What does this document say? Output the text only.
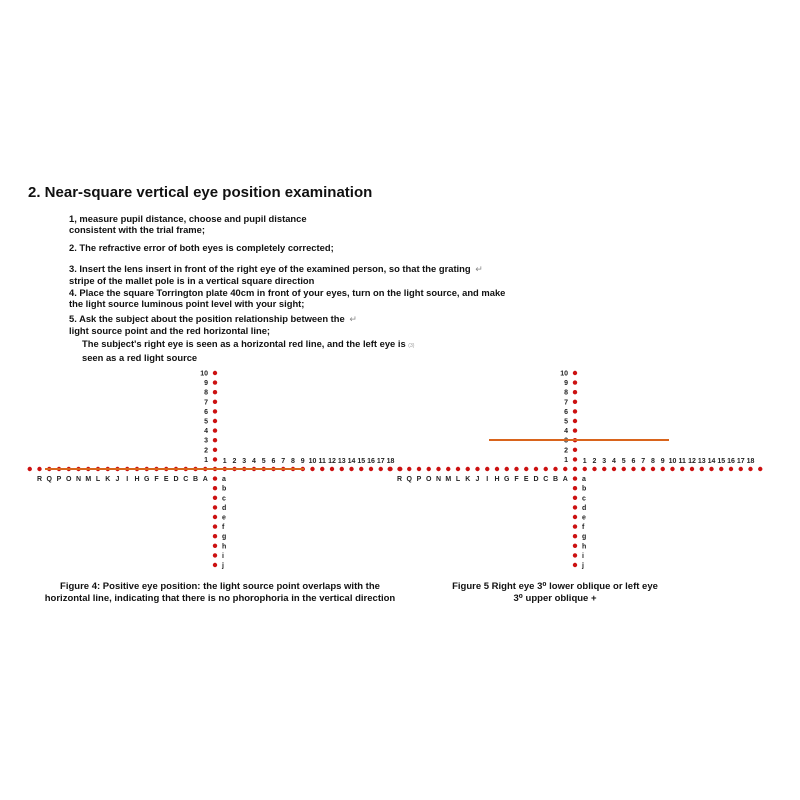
2. Near-square vertical eye position examination

1, measure pupil distance, choose and pupil distance
consistent with the trial frame;

2. The refractive error of both eyes is completely corrected;

3. Insert the lens insert in front of the right eye of the examined person, so that the grating ↵
stripe of the mallet pole is in a vertical square direction

4. Place the square Torrington plate 40cm in front of your eyes, turn on the light source, and make
the light source luminous point level with your sight;

5. Ask the subject about the position relationship between the ↵
light source point and the red horizontal line;

The subject's right eye is seen as a horizontal red line, and the left eye is (3)
seen as a red light source

1
2
3
4
5
6
7
8
9
10
1 2 3 4 5 6 7 8 9 10 11 12 13 14 15 16 17 18
A
B
C
D
E
F
G
H
I
J
K
L
M
N
O
P
Q
R	a
b
c
d
e
f
g
h
i
j
1
2
3
4
5
6
7
8
9
10
1 2 3 4 5 6 7 8 9 10 11 12 13 14 15 16 17 18
A
B
C
D
E
F
G
H
I
J
K
L
M
N
O
P
Q
R	a
b
c
d
e
f
g
h
i
j

Figure 4: Positive eye position: the light source point overlaps with the
horizontal line, indicating that there is no phorophoria in the vertical direction

Figure 5 Right eye 3⁰ lower oblique or left eye
3⁰ upper oblique +
